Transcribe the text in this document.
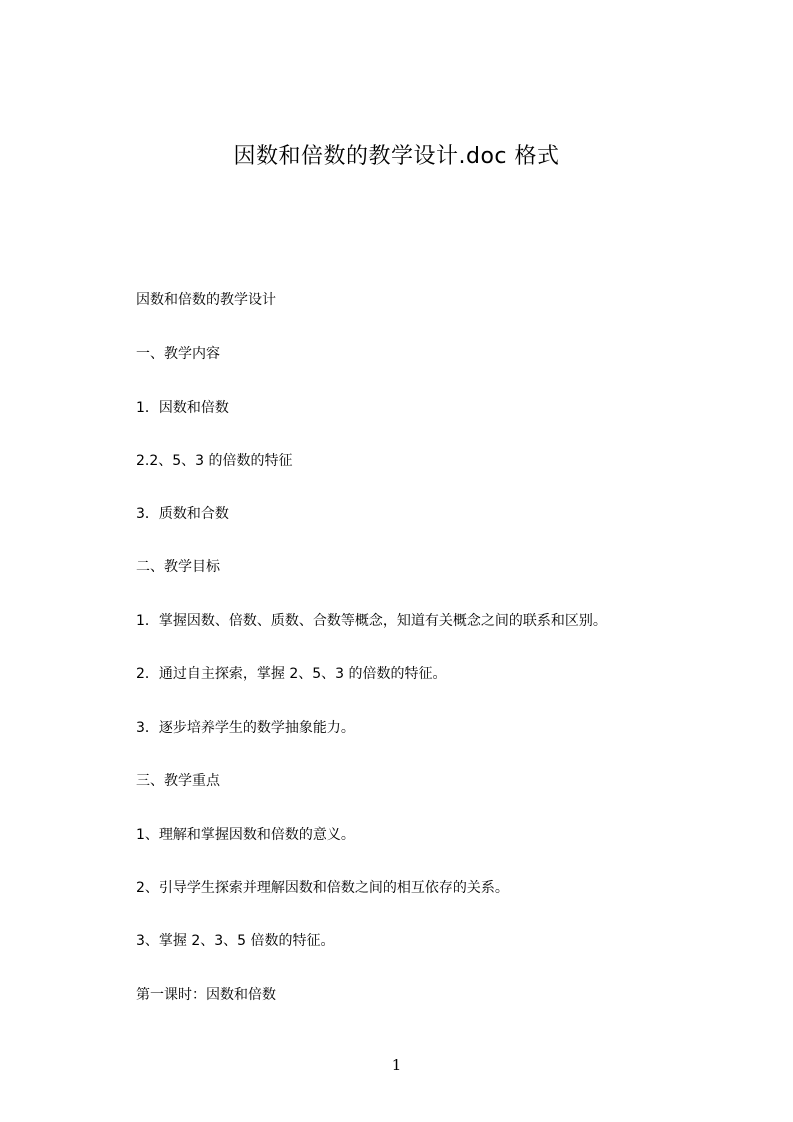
因数和倍数的教学设计.doc 格式
因数和倍数的教学设计
一、教学内容
1．因数和倍数
2.2、5、3 的倍数的特征
3．质数和合数
二、教学目标
1．掌握因数、倍数、质数、合数等概念，知道有关概念之间的联系和区别。
2．通过自主探索，掌握 2、5、3 的倍数的特征。
3．逐步培养学生的数学抽象能力。
三、教学重点
1、理解和掌握因数和倍数的意义。
2、引导学生探索并理解因数和倍数之间的相互依存的关系。
3、掌握 2、3、5 倍数的特征。
第一课时：因数和倍数
1
